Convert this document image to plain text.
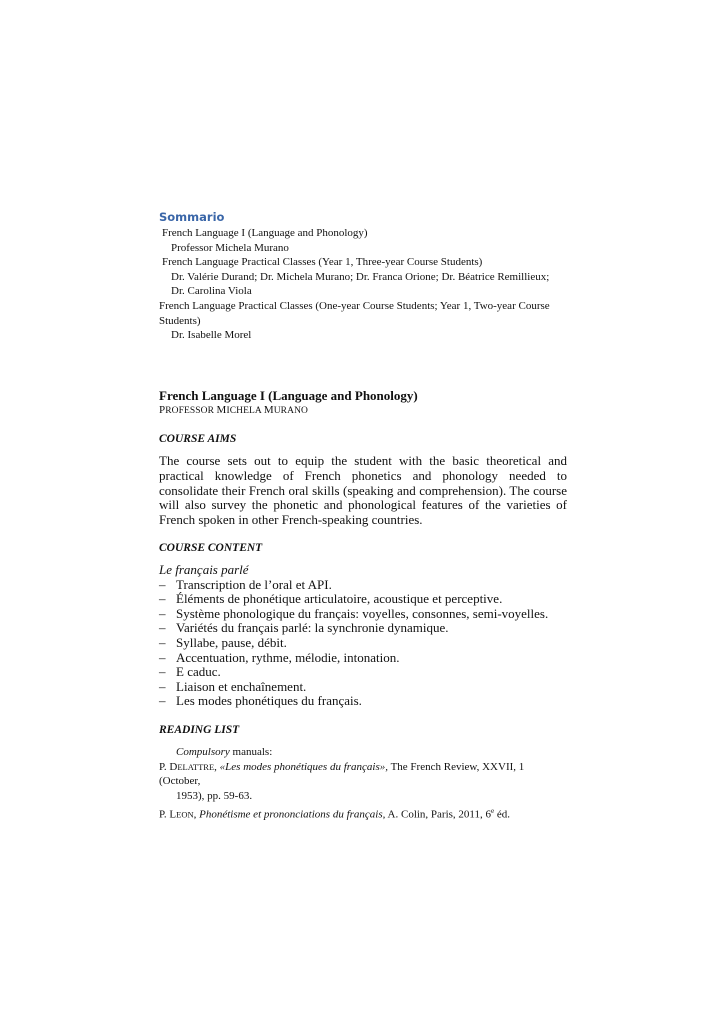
Sommario
French Language I (Language and Phonology)
Professor Michela Murano
French Language Practical Classes (Year 1, Three-year Course Students)
Dr. Valérie Durand; Dr. Michela Murano; Dr. Franca Orione; Dr. Béatrice Remillieux;
Dr. Carolina Viola
French Language Practical Classes (One-year Course Students; Year 1, Two-year Course
Students)
Dr. Isabelle Morel
French Language I (Language and Phonology)
PROFESSOR MICHELA MURANO
COURSE AIMS
The course sets out to equip the student with the basic theoretical and practical knowledge of French phonetics and phonology needed to consolidate their French oral skills (speaking and comprehension). The course will also survey the phonetic and phonological features of the varieties of French spoken in other French-speaking countries.
COURSE CONTENT
Le français parlé
– Transcription de l’oral et API.
– Éléments de phonétique articulatoire, acoustique et perceptive.
– Système phonologique du français: voyelles, consonnes, semi-voyelles.
– Variétés du français parlé: la synchronie dynamique.
– Syllabe, pause, débit.
– Accentuation, rythme, mélodie, intonation.
– E caduc.
– Liaison et enchaînement.
– Les modes phonétiques du français.
READING LIST
Compulsory manuals:
P. DELATTRE, «Les modes phonétiques du français», The French Review, XXVII, 1 (October,
1953), pp. 59-63.
P. LEON, Phonétisme et prononciations du français, A. Colin, Paris, 2011, 6e éd.
